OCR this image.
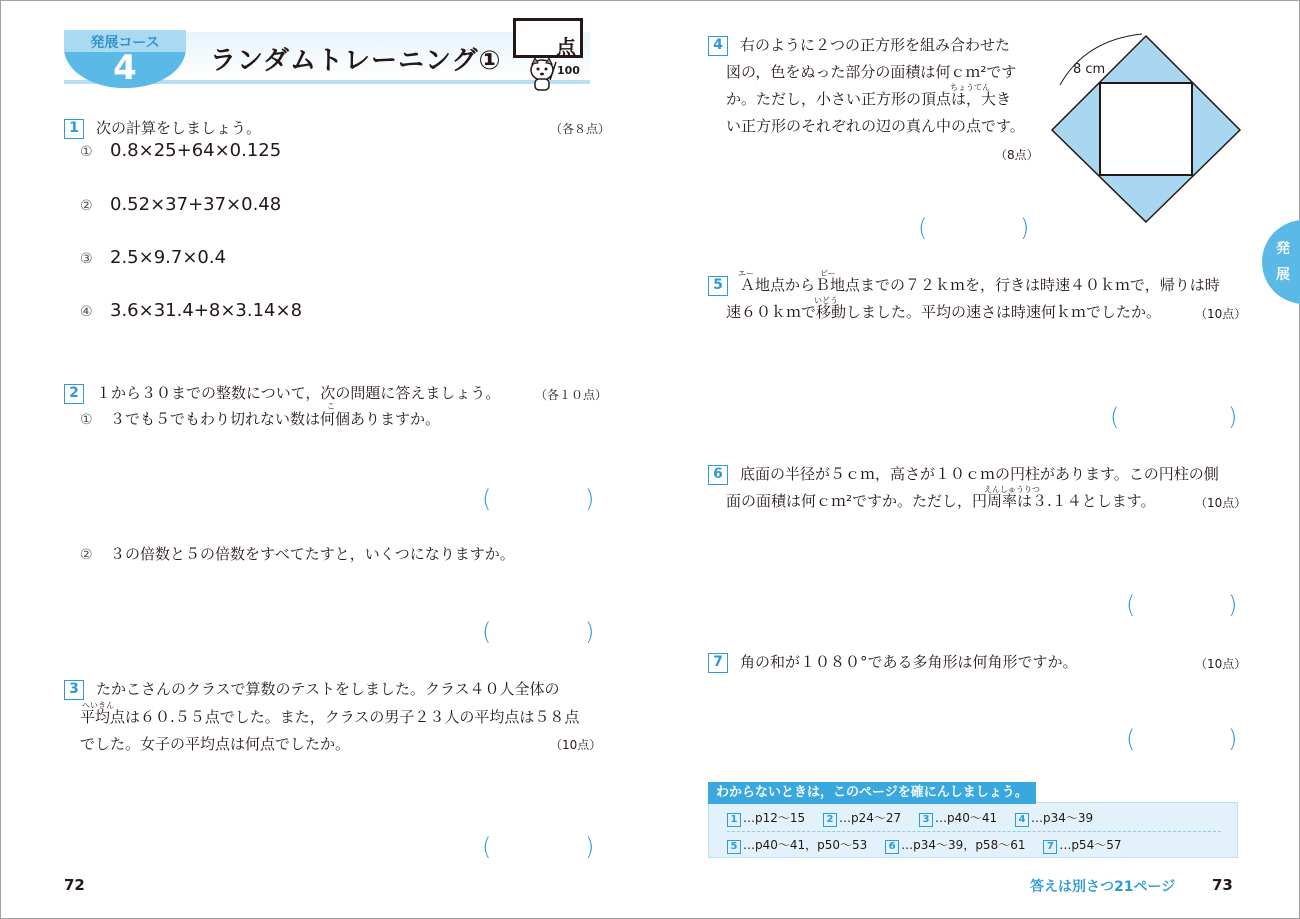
発展コース
4	ランダムトレーニング①	点
100
1 次の計算をしましょう。	（各８点）
① 0.8×25+64×0.125
② 0.52×37+37×0.48
③ 2.5×9.7×0.4
④ 3.6×31.4+8×3.14×8
2 １から３０までの整数について，次の問題に答えましょう。	（各１０点）
こ
① ３でも５でもわり切れない数は何個ありますか。
(	)
② ３の倍数と５の倍数をすべてたすと，いくつになりますか。
(	)
3 たかこさんのクラスで算数のテストをしました。クラス４０人全体の
へいきん
平均点は６０.５５点でした。また，クラスの男子２３人の平均点は５８点
でした。女子の平均点は何点でしたか。	（10点）
(	)
72
4 右のように２つの正方形を組み合わせた
図の，色をぬった部分の面積は何ｃｍ²です
ちょうてん
か。ただし，小さい正方形の頂点は，大き
い正方形のそれぞれの辺の真ん中の点です。
（8点）
8 cm
(	)
エー	ビー
5 Ａ地点からＢ地点までの７２ｋｍを，行きは時速４０ｋｍで，帰りは時
いどう
速６０ｋｍで移動しました。平均の速さは時速何ｋｍでしたか。	（10点）
(	)
6 底面の半径が５ｃｍ，高さが１０ｃｍの円柱があります。この円柱の側
えんしゅうりつ
面の面積は何ｃｍ²ですか。ただし，円周率は３.１４とします。	（10点）
(	)
7 角の和が１０８０°である多角形は何角形ですか。	（10点）
(	)
1 …p12～15 2 …p24～27 3 …p40～41 4 …p34～39
5 …p40～41，p50～53 6 …p34～39，p58～61 7 …p54～57
わからないときは，このページを確にんしましょう。
答えは別さつ21ページ 73
発
展
